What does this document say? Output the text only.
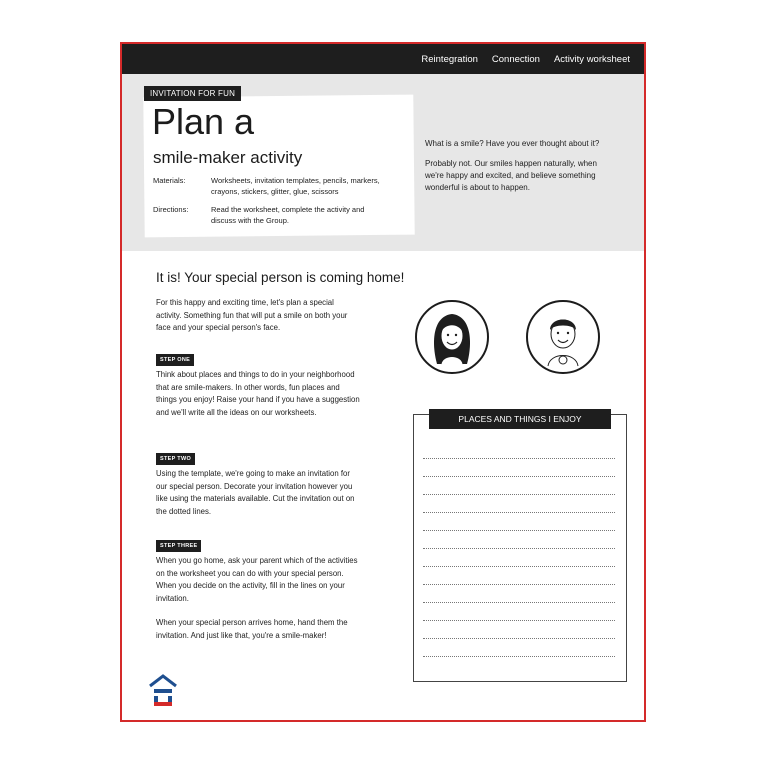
Reintegration Connection Activity worksheet
INVITATION FOR FUN
Plan a
smile-maker activity
Materials:	Worksheets, invitation templates, pencils, markers, crayons, stickers, glitter, glue, scissors
Directions:	Read the worksheet, complete the activity and discuss with the Group.
What is a smile? Have you ever thought about it?
Probably not. Our smiles happen naturally, when we're happy and excited, and believe something wonderful is about to happen.
It is! Your special person is coming home!
For this happy and exciting time, let's plan a special activity. Something fun that will put a smile on both your face and your special person's face.
STEP ONE
Think about places and things to do in your neighborhood that are smile-makers. In other words, fun places and things you enjoy! Raise your hand if you have a suggestion and we'll write all the ideas on our worksheets.
STEP TWO
Using the template, we're going to make an invitation for our special person. Decorate your invitation however you like using the materials available. Cut the invitation out on the dotted lines.
STEP THREE
When you go home, ask your parent which of the activities on the worksheet you can do with your special person. When you decide on the activity, fill in the lines on your invitation.
When your special person arrives home, hand them the invitation. And just like that, you're a smile-maker!
PLACES AND THINGS I ENJOY
